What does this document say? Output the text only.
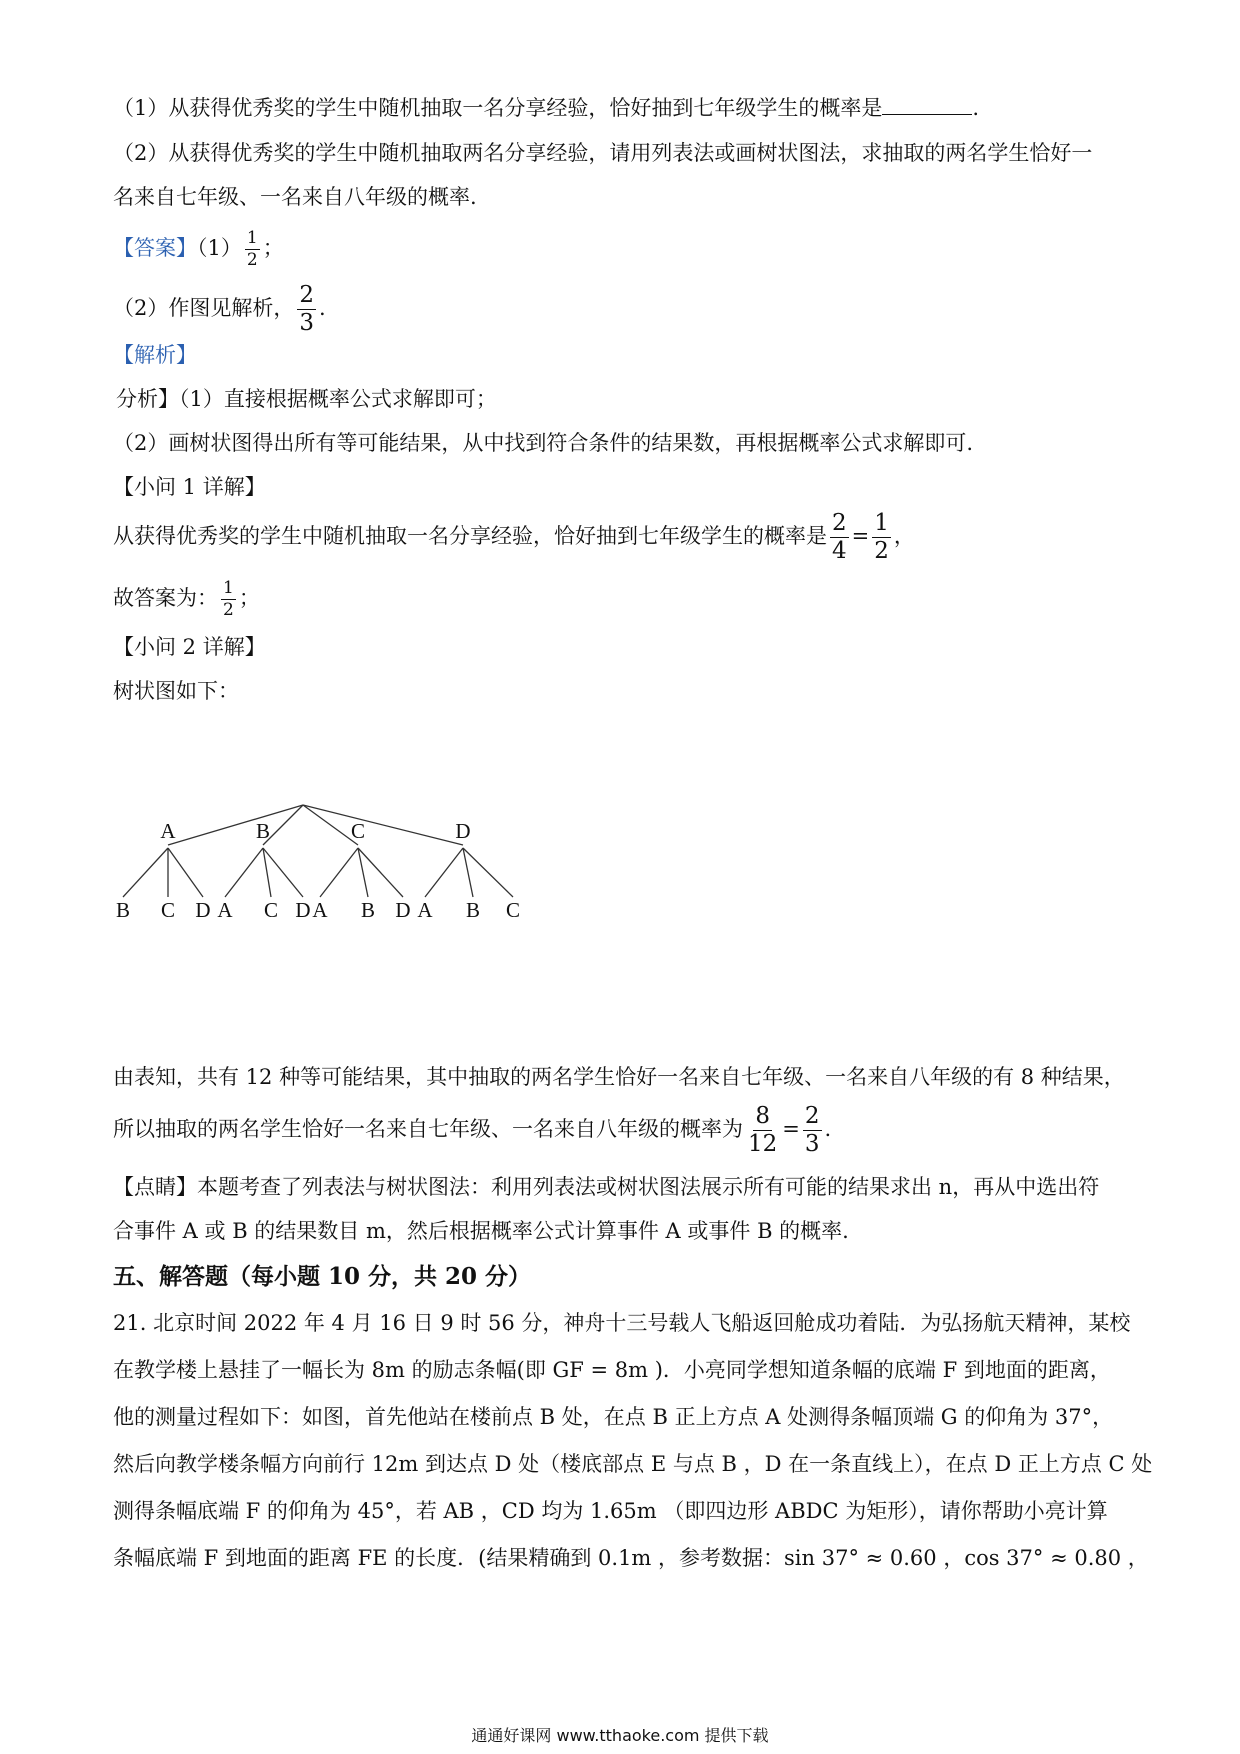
（1）从获得优秀奖的学生中随机抽取一名分享经验，恰好抽到七年级学生的概率是	.
（2）从获得优秀奖的学生中随机抽取两名分享经验，请用列表法或画树状图法，求抽取的两名学生恰好一
名来自七年级、一名来自八年级的概率.
【答案】$(1) \frac{1}{2}$ ；
（2）作图见解析， $\frac{2}{3}$ .
【解析】
分析】（1）直接根据概率公式求解即可；
（2）画树状图得出所有等可能结果，从中找到符合条件的结果数，再根据概率公式求解即可.
【小问 1 详解】
从获得优秀奖的学生中随机抽取一名分享经验，恰好抽到七年级学生的概率是 $\frac{2}{4} = \frac{1}{2}$ ，
故答案为： $\frac{1}{2}$ ；
【小问 2 详解】
树状图如下：
A
B C D
B
A C D
C
A B D
D
A B C
由表知，共有 12 种等可能结果，其中抽取的两名学生恰好一名来自七年级、一名来自八年级的有 8 种结果，
所以抽取的两名学生恰好一名来自七年级、一名来自八年级的概率为 $\frac{8}{12} = \frac{2}{3}$ .
【点睛】本题考查了列表法与树状图法：利用列表法或树状图法展示所有可能的结果求出 n，再从中选出符
合事件 A 或 B 的结果数目 m，然后根据概率公式计算事件 A 或事件 B 的概率.
五、解答题（每小题 10 分，共 20 分）
21. 北京时间 2022 年 4 月 16 日 9 时 56 分，神舟十三号载人飞船返回舱成功着陆．为弘扬航天精神，某校
在教学楼上悬挂了一幅长为 8m 的励志条幅(即 GF = 8m )．小亮同学想知道条幅的底端 F 到地面的距离，
他的测量过程如下：如图，首先他站在楼前点 B 处，在点 B 正上方点 A 处测得条幅顶端 G 的仰角为 37°，
然后向教学楼条幅方向前行 12m 到达点 D 处（楼底部点 E 与点 B ，D 在一条直线上），在点 D 正上方点 C 处
测得条幅底端 F 的仰角为 45°，若 AB ，CD 均为 1.65m （即四边形 ABDC 为矩形），请你帮助小亮计算
条幅底端 F 到地面的距离 FE 的长度．(结果精确到 0.1m ，参考数据：sin 37° ≈ 0.60 ，cos 37° ≈ 0.80 ，
通通好课网 www.tthaoke.com 提供下载
